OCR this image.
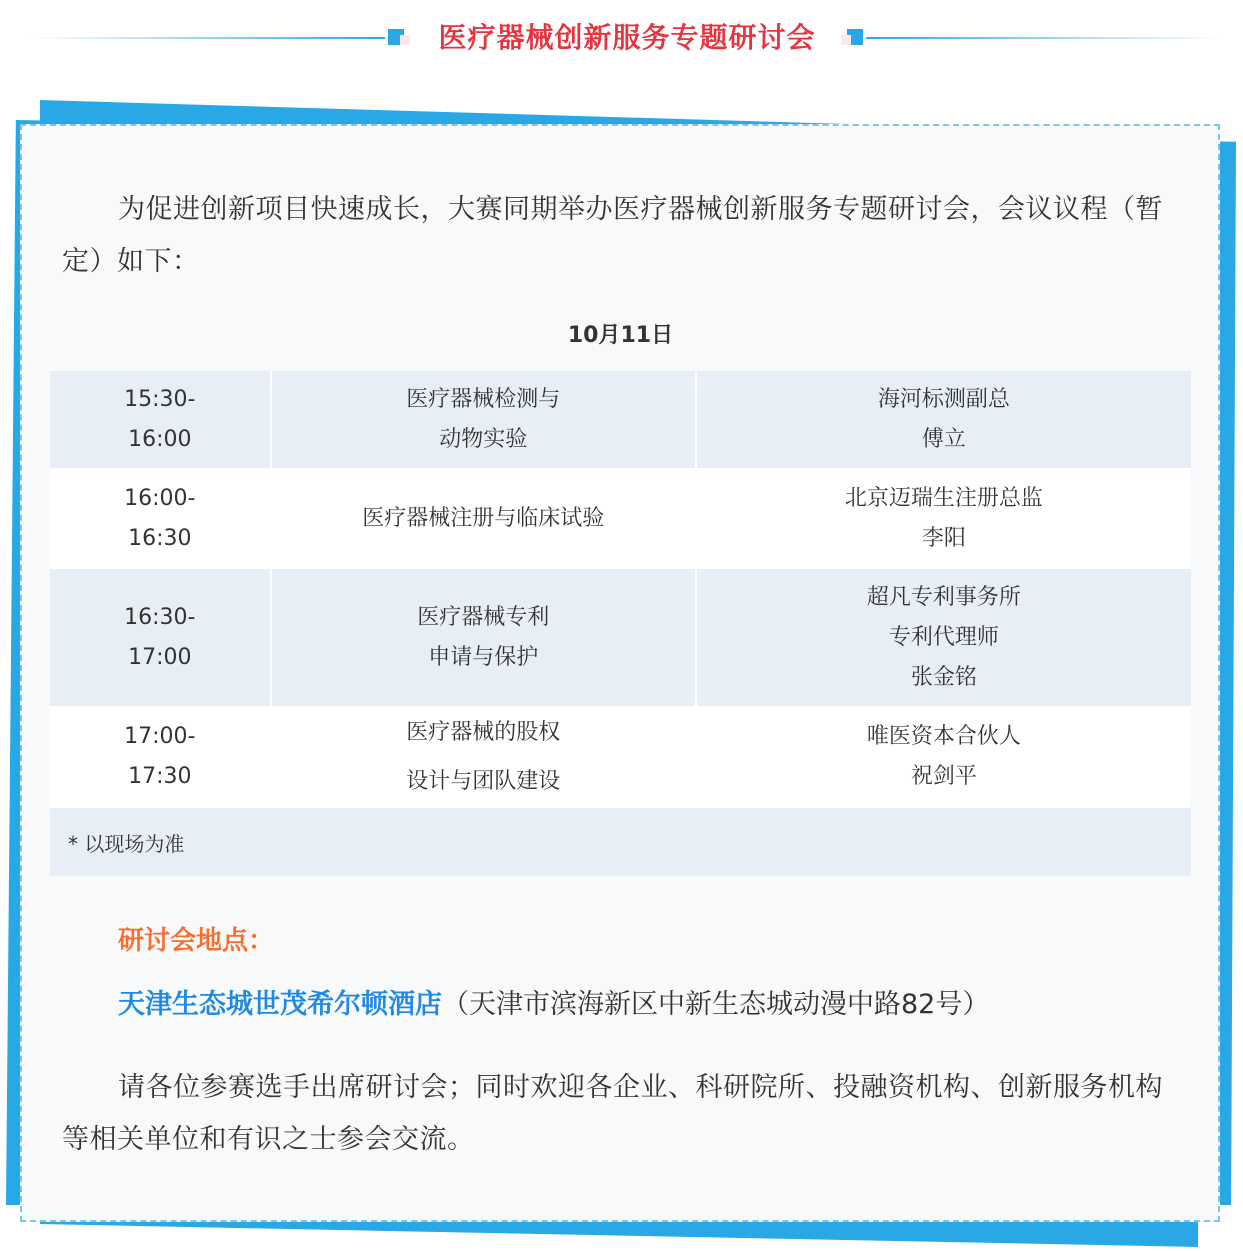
医疗器械创新服务专题研讨会
为促进创新项目快速成长，大赛同期举办医疗器械创新服务专题研讨会，会议议程（暂定）如下：
10月11日
15:30-
16:00
医疗器械检测与
动物实验
海河标测副总
傅立
16:00-
16:30
医疗器械注册与临床试验
北京迈瑞生注册总监
李阳
16:30-
17:00
医疗器械专利
申请与保护
超凡专利事务所
专利代理师
张金铭
17:00-
17:30
医疗器械的股权
设计与团队建设
唯医资本合伙人
祝剑平
* 以现场为准
研讨会地点：
天津生态城世茂希尔顿酒店（天津市滨海新区中新生态城动漫中路82号）
请各位参赛选手出席研讨会；同时欢迎各企业、科研院所、投融资机构、创新服务机构等相关单位和有识之士参会交流。
